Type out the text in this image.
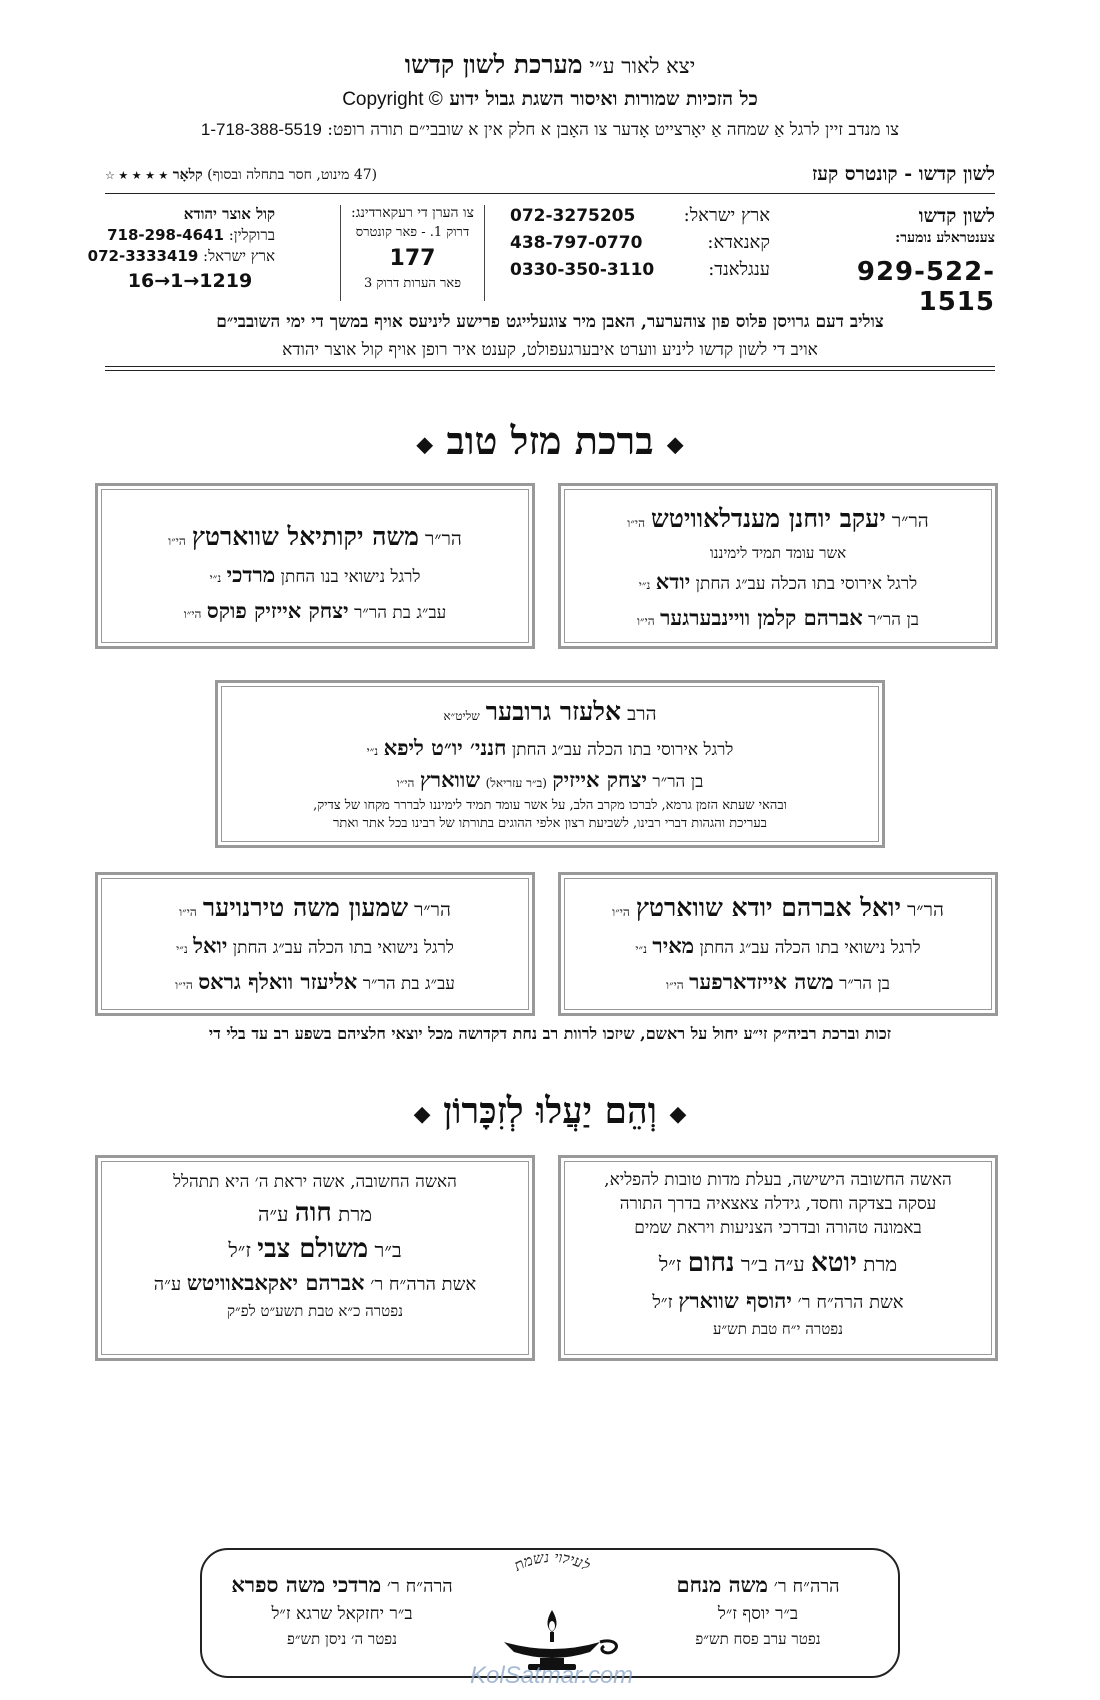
יצא לאור ע״י מערכת לשון קדשו
כל הזכיות שמורות ואיסור השגת גבול ידוע Copyright ©
צו מנדב זיין לרגל אַ שמחה אַ יאָרצייט אָדער צו האָבן א חלק אין א שובבי״ם תורה רופט: 1-718-388-5519
לשון קדשו - קונטרס קעז
(47 מינוט, חסר בתחלה ובסוף) קלאָר ★ ★ ★ ★ ☆
לשון קדשו
צענטראלע נומער:
929-522-1515
ארץ ישראל:
072-3275205
קאנאדא:
438-797-0770
ענגלאנד:
0330-350-3110
צו הערן די רעקארדינג:
דרוק 1. - פאר קונטרס
177
פאר הערות דרוק 3
קול אוצר יהודא
ברוקלין: 718-298-4641
ארץ ישראל: 072-3333419
16→1→1219
צוליב דעם גרויסן פלוס פון צוהערער, האבן מיר צוגעלייגט פרישע ליניעס אויף במשך די ימי השובבי״ם
אויב די לשון קדשו ליניע ווערט איבערגעפולט, קענט איר רופן אויף קול אוצר יהודא
◆ ברכת מזל טוב ◆
הר״ר יעקב יוחנן מענדלאוויטש הי״ו
אשר עומד תמיד לימיננו
לרגל אירוסי בתו הכלה עב״ג החתן יודא נ״י
בן הר״ר אברהם קלמן וויינבערגער הי״ו
הר״ר משה יקותיאל שווארטץ הי״ו
לרגל נישואי בנו החתן מרדכי נ״י
עב״ג בת הר״ר יצחק אייזיק פוקס הי״ו
הרב אלעזר גרובער שליט״א
לרגל אירוסי בתו הכלה עב״ג החתן חנני׳ יו״ט ליפא נ״י
בן הר״ר יצחק אייזיק (ב״ר עזריאל) שווארץ הי״ו
ובהאי שעתא הזמן גרמא, לברכו מקרב הלב, על אשר עומד תמיד לימיננו לבררר מקחו של צדיק,
בעריכת והגהות דברי רבינו, לשביעת רצון אלפי ההוגים בתורתו של רבינו בכל אתר ואתר
הר״ר יואל אברהם יודא שווארטץ הי״ו
לרגל נישואי בתו הכלה עב״ג החתן מאיר נ״י
בן הר״ר משה אייזדארפער הי״ו
הר״ר שמעון משה טירנויער הי״ו
לרגל נישואי בתו הכלה עב״ג החתן יואל נ״י
עב״ג בת הר״ר אליעזר וואלף גראס הי״ו
זכות וברכת רביה״ק זי״ע יחול על ראשם, שיזכו לרוות רב נחת דקדושה מכל יוצאי חלציהם בשפע רב עד בלי די
◆ וְהֵם יַעֲלוּ לְזִכָּרוֹן ◆
האשה החשובה הישישה, בעלת מדות טובות להפליא,
עסקה בצדקה וחסד, גידלה צאצאיה בדרך התורה
באמונה טהורה ובדרכי הצניעות ויראת שמים
מרת יוטא ע״ה ב״ר נחום ז״ל
אשת הרה״ח ר׳ יהוסף שווארץ ז״ל
נפטרה י״ח טבת תש״ע
האשה החשובה, אשה יראת ה׳ היא תתהלל
מרת חוה ע״ה
ב״ר משולם צבי ז״ל
אשת הרה״ח ר׳ אברהם יאקאבאוויטש ע״ה
נפטרה כ״א טבת תשע״ט לפ״ק
הרה״ח ר׳ משה מנחם
ב״ר יוסף ז״ל
נפטר ערב פסח תש״פ
לעילוי נשמת
הרה״ח ר׳ מרדכי משה ספרא
ב״ר יחזקאל שרגא ז״ל
נפטר ה׳ ניסן תש״פ
KolSatmar.com
